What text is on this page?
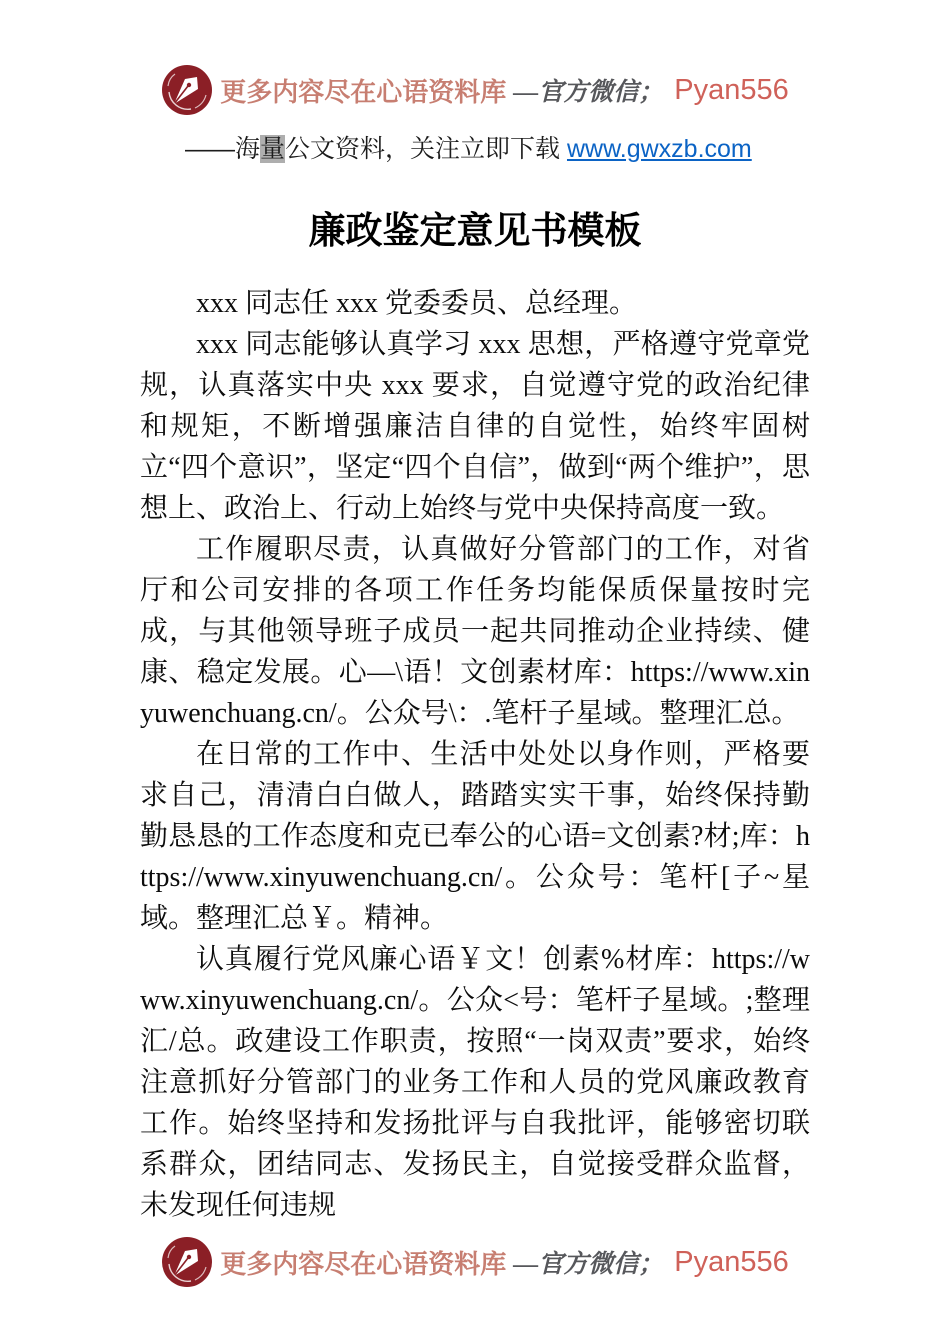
更多内容尽在心语资料库 —官方微信； Pyan556
——海量公文资料，关注立即下载 www.gwxzb.com
廉政鉴定意见书模板

xxx 同志任 xxx 党委委员、总经理。

xxx 同志能够认真学习 xxx 思想，严格遵守党章党规，认真落实中央 xxx 要求，自觉遵守党的政治纪律和规矩，不断增强廉洁自律的自觉性，始终牢固树立“四个意识”，坚定“四个自信”，做到“两个维护”，思想上、政治上、行动上始终与党中央保持高度一致。

工作履职尽责，认真做好分管部门的工作，对省厅和公司安排的各项工作任务均能保质保量按时完成，与其他领导班子成员一起共同推动企业持续、健康、稳定发展。心—\语！文创素材库：https://www.xinyuwenchuang.cn/。公众号\：.笔杆子星域。整理汇总。

在日常的工作中、生活中处处以身作则，严格要求自己，清清白白做人，踏踏实实干事，始终保持勤勤恳恳的工作态度和克已奉公的心语=文创素?材;库：https://www.xinyuwenchuang.cn/。公众号：笔杆[子~星域。整理汇总￥。精神。

认真履行党风廉心语￥文！创素%材库：https://www.xinyuwenchuang.cn/。公众<号：笔杆子星域。;整理汇/总。政建设工作职责，按照“一岗双责”要求，始终注意抓好分管部门的业务工作和人员的党风廉政教育工作。始终坚持和发扬批评与自我批评，能够密切联系群众，团结同志、发扬民主，自觉接受群众监督，未发现任何违规

更多内容尽在心语资料库 —官方微信； Pyan556
